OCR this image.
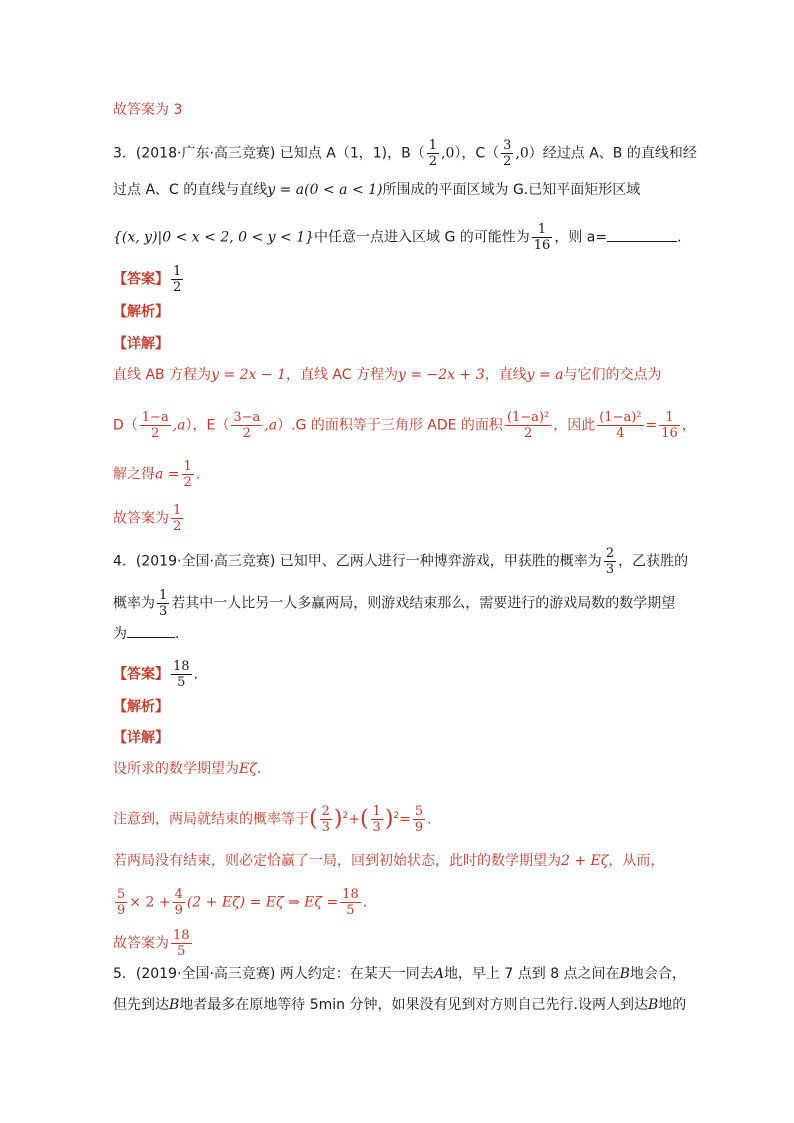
故答案为 3
3．(2018·广东·高三竞赛) 已知点 A（1，1)，$B( \frac{1}{2} ,0)$，$C( \frac{3}{2} ,0)$经过点 A、B 的直线和经
过点 A、C 的直线与直线y = a(0 < a < 1)所围成的平面区域为 G.已知平面矩形区域
{(x, y)|0 < x < 2, 0 < y < 1}中任意一点进入区域 G 的可能性为 $\frac{1}{16}$ ，则 a=	.
【答案】 $\frac{1}{2}$
【解析】
【详解】
直线 AB 方程为y = 2x − 1，直线 AC 方程为y = −2x + 3，直线y = a与它们的交点为
$D( \frac{1-a}{2} ,a)$，$E( \frac{3-a}{2} ,a).G$ 的面积等于三角形 ADE 的面积 $\frac{\text{(1−a)²}}{2}$ ，因此 $\frac{\text{(1−a)²}}{4} = \frac{1}{16}$ ，
解之得$a = \frac{1}{2}$ .
故答案为 $\frac{1}{2}$
4．(2019·全国·高三竞赛) 已知甲、乙两人进行一种博弈游戏，甲获胜的概率为 $\frac{2}{3}$ ，乙获胜的
概率为 $\frac{1}{3}$ 若其中一人比另一人多赢两局，则游戏结束那么，需要进行的游戏局数的数学期望
为	.
【答案】 $\frac{18}{5}$ .
【解析】
【详解】
设所求的数学期望为Eζ.
注意到，两局就结束的概率等于( $\frac{2}{3} )^2+( \frac{1}{3} )^2= \frac{5}{9}$ .
若两局没有结束，则必定恰赢了一局，回到初始状态，此时的数学期望为2 + Eζ，从而，
$\frac{5}{9} \times 2 + \frac{4}{9} (2 + E\zeta) = E\zeta$ ⇒ $E\zeta = \frac{18}{5}$ .
故答案为 $\frac{18}{5}$
5．(2019·全国·高三竞赛) 两人约定：在某天一同去A地，早上 7 点到 8 点之间在B地会合，
但先到达B地者最多在原地等待 5min 分钟，如果没有见到对方则自己先行.设两人到达B地的
